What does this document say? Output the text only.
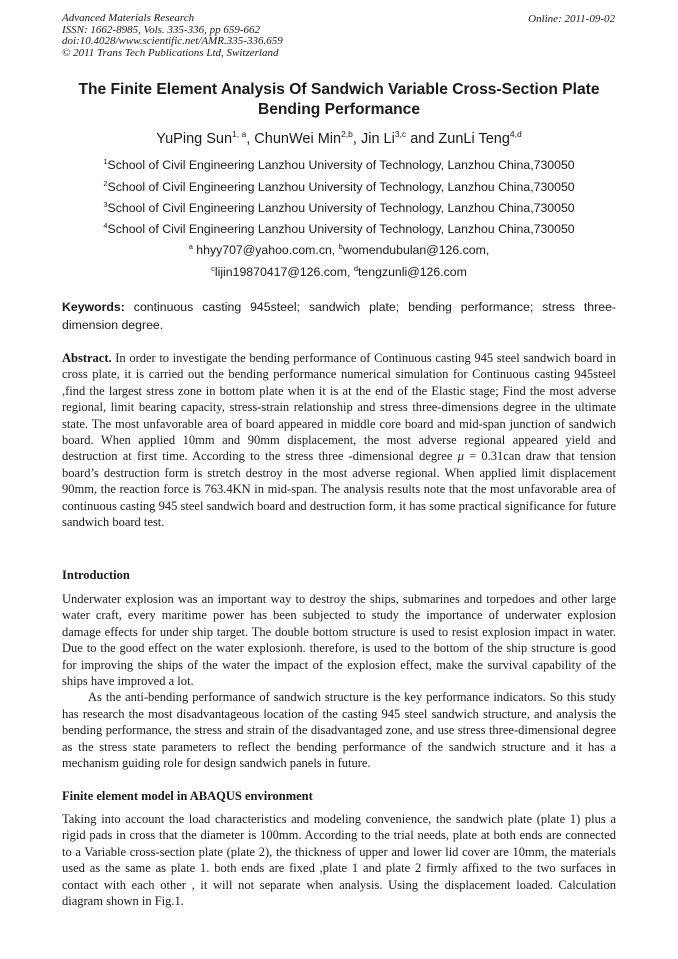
Advanced Materials Research
ISSN: 1662-8985, Vols. 335-336, pp 659-662
doi:10.4028/www.scientific.net/AMR.335-336.659
© 2011 Trans Tech Publications Ltd, Switzerland
Online: 2011-09-02
The Finite Element Analysis Of Sandwich Variable Cross-Section Plate
Bending Performance
YuPing Sun$^{1, a}$, ChunWei Min$^{2,b}$, Jin Li$^{3,c}$ and ZunLi Teng$^{4,d}$
$^1$School of Civil Engineering Lanzhou University of Technology, Lanzhou China,730050
$^2$School of Civil Engineering Lanzhou University of Technology, Lanzhou China,730050
$^3$School of Civil Engineering Lanzhou University of Technology, Lanzhou China,730050
$^4$School of Civil Engineering Lanzhou University of Technology, Lanzhou China,730050
$^a$ hhyy707@yahoo.com.cn, $^b$womendubulan@126.com,
$^c$lijin19870417@126.com, $^d$tengzunli@126.com
Keywords: continuous casting 945steel; sandwich plate; bending performance; stress three-dimension degree.

Abstract. In order to investigate the bending performance of Continuous casting 945 steel sandwich board in cross plate, it is carried out the bending performance numerical simulation for Continuous casting 945steel ,find the largest stress zone in bottom plate when it is at the end of the Elastic stage; Find the most adverse regional, limit bearing capacity, stress-strain relationship and stress three-dimensions degree in the ultimate state. The most unfavorable area of board appeared in middle core board and mid-span junction of sandwich board. When applied 10mm and 90mm displacement, the most adverse regional appeared yield and destruction at first time. According to the stress three -dimensional degree μ = 0.31can draw that tension board’s destruction form is stretch destroy in the most adverse regional. When applied limit displacement 90mm, the reaction force is 763.4KN in mid-span. The analysis results note that the most unfavorable area of continuous casting 945 steel sandwich board and destruction form, it has some practical significance for future sandwich board test.

Introduction

Underwater explosion was an important way to destroy the ships, submarines and torpedoes and other large water craft, every maritime power has been subjected to study the importance of underwater explosion damage effects for under ship target. The double bottom structure is used to resist explosion impact in water. Due to the good effect on the water explosionh. therefore, is used to the bottom of the ship structure is good for improving the ships of the water the impact of the explosion effect, make the survival capability of the ships have improved a lot.

As the anti-bending performance of sandwich structure is the key performance indicators. So this study has research the most disadvantageous location of the casting 945 steel sandwich structure, and analysis the bending performance, the stress and strain of the disadvantaged zone, and use stress three-dimensional degree as the stress state parameters to reflect the bending performance of the sandwich structure and it has a mechanism guiding role for design sandwich panels in future.

Finite element model in ABAQUS environment

Taking into account the load characteristics and modeling convenience, the sandwich plate (plate 1) plus a rigid pads in cross that the diameter is 100mm. According to the trial needs, plate at both ends are connected to a Variable cross-section plate (plate 2), the thickness of upper and lower lid cover are 10mm, the materials used as the same as plate 1. both ends are fixed ,plate 1 and plate 2 firmly affixed to the two surfaces in contact with each other , it will not separate when analysis. Using the displacement loaded. Calculation diagram shown in Fig.1.
